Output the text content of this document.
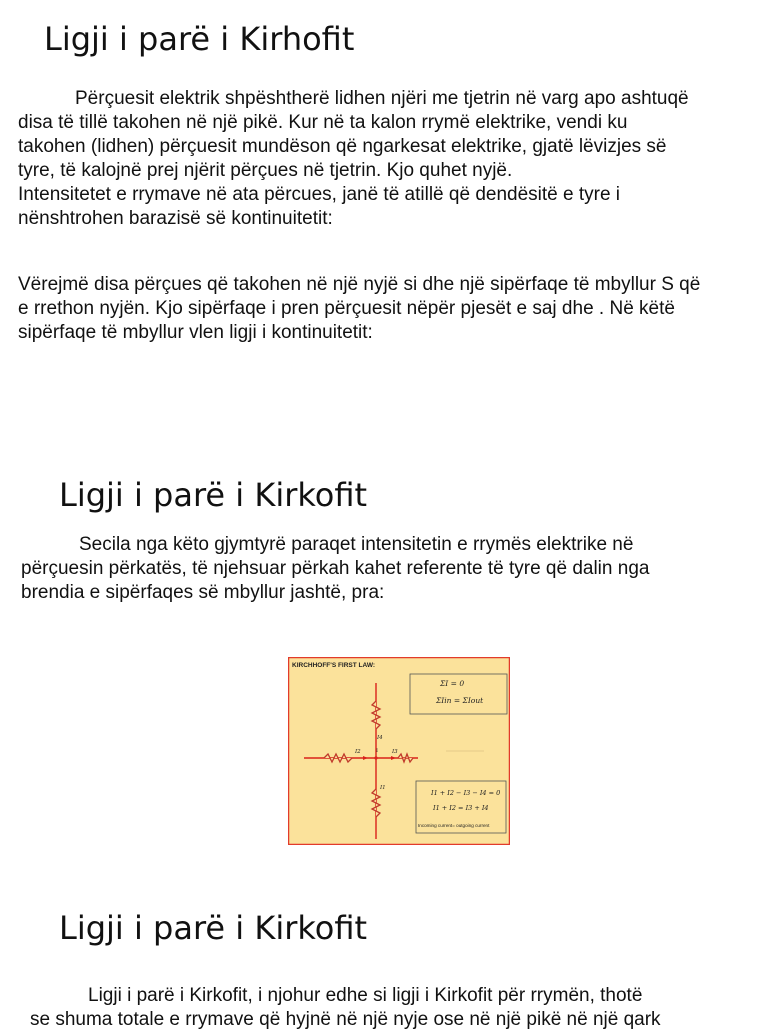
Ligji i parë i Kirhofit
Përçuesit elektrik shpështherë lidhen njëri me tjetrin në varg apo ashtuqë
disa të tillë takohen në një pikë. Kur në ta kalon rrymë elektrike, vendi ku
takohen (lidhen) përçuesit mundëson që ngarkesat elektrike, gjatë lëvizjes së
tyre, të kalojnë prej njërit përçues në tjetrin. Kjo quhet nyjë.
Intensitetet e rrymave në ata përcues, janë të atillë që dendësitë e tyre i
nënshtrohen barazisë së kontinuitetit:
Vërejmë disa përçues që takohen në një nyjë si dhe një sipërfaqe të mbyllur S që
e rrethon nyjën. Kjo sipërfaqe i pren përçuesit nëpër pjesët e saj dhe . Në këtë
sipërfaqe të mbyllur vlen ligji i kontinuitetit:
Ligji i parë i Kirkofit
Secila nga këto gjymtyrë paraqet intensitetin e rrymës elektrike në
përçuesin përkatës, të njehsuar përkah kahet referente të tyre që dalin nga
brendia e sipërfaqes së mbyllur jashtë, pra:
KIRCHHOFF'S FIRST LAW:
ΣI = 0
ΣIin = ΣIout
I1 + I2 − I3 − I4 = 0
I1 + I2 = I3 + I4
Incoming current= outgoing current
I4
I
I2	I3
I1
Ligji i parë i Kirkofit
Ligji i parë i Kirkofit, i njohur edhe si ligji i Kirkofit për rrymën, thotë
se shuma totale e rrymave që hyjnë në një nyje ose në një pikë në një qark
